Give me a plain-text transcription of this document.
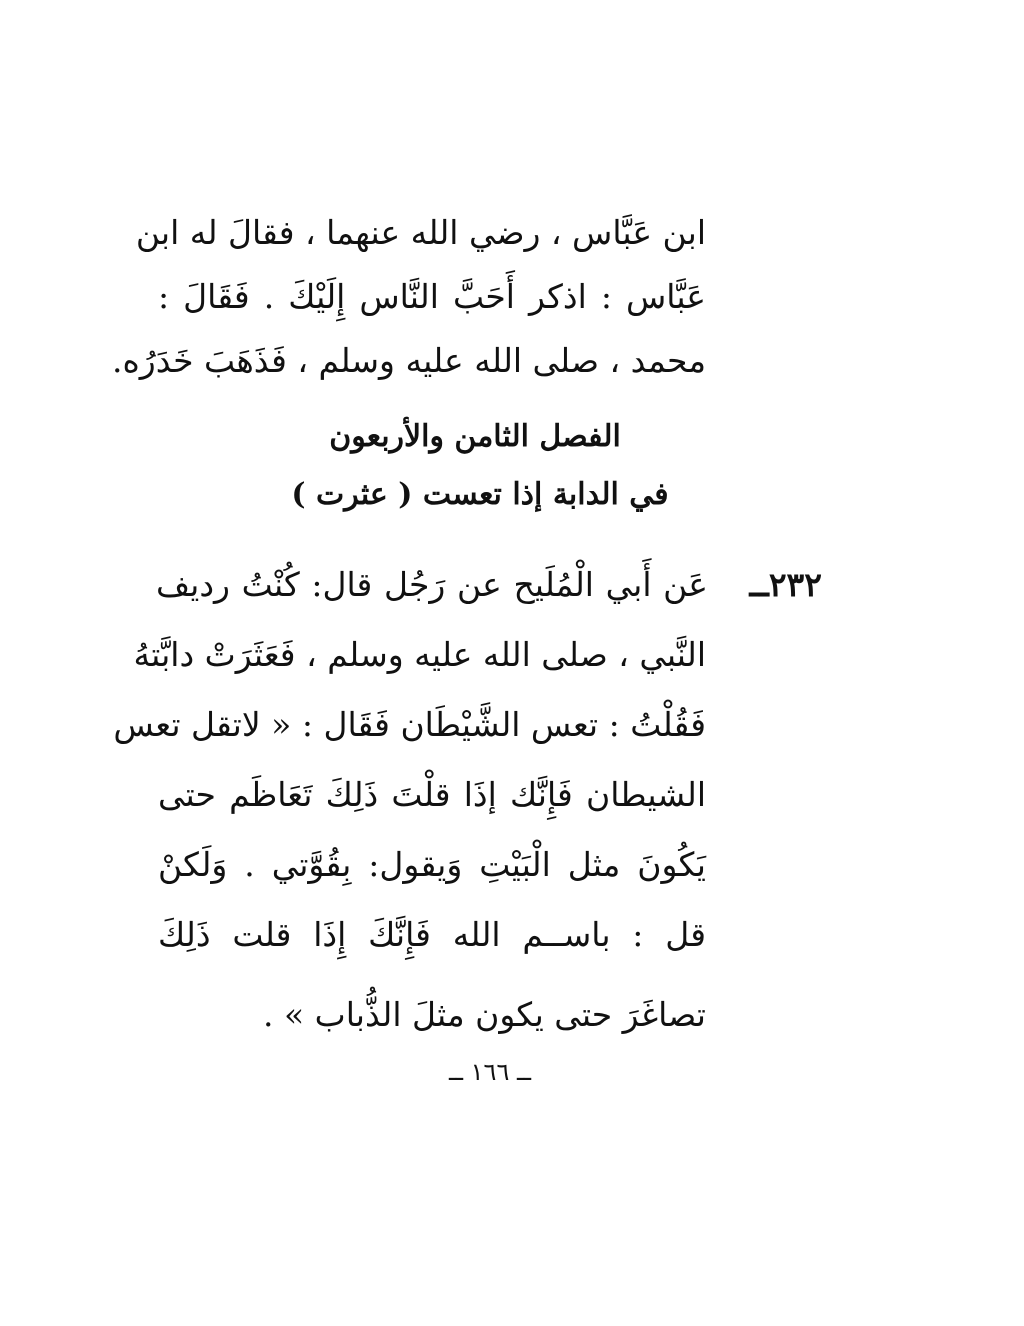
ابن عَبَّاس ، رضي الله عنهما ، فقالَ له ابن
عَبَّاس : اذكر أَحَبَّ النَّاس إِلَيْكَ . فَقَالَ :
محمد ، صلى الله عليه وسلم ، فَذَهَبَ خَدَرُه.
الفصل الثامن والأربعون
في الدابة إذا تعست ( عثرت )
٢٣٢ــ
عَن أَبي الْمُلَيح عن رَجُل قال: كُنْتُ رديف
النَّبي ، صلى الله عليه وسلم ، فَعَثَرَتْ دابَّتهُ
فَقُلْتُ : تعس الشَّيْطَان فَقَال : « لاتقل تعس
الشيطان فَإِنَّك إذَا قلْتَ ذَلِكَ تَعَاظَم حتى
يَكُونَ مثل الْبَيْتِ وَيقول: بِقُوَّتي . وَلَكنْ
قل : باســم الله فَإِنَّكَ إِذَا قلت ذَلِكَ
تصاغَرَ حتى يكون مثلَ الذُّباب » .
ــ ١٦٦ ــ
